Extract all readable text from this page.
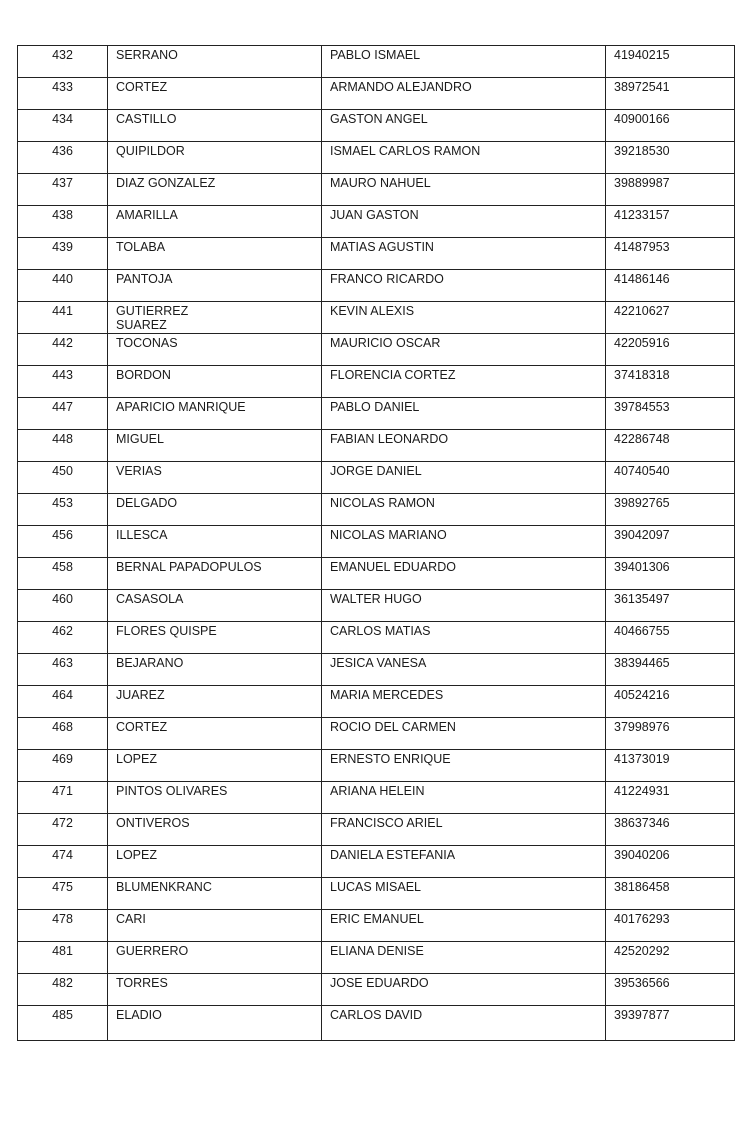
432	SERRANO	PABLO ISMAEL	41940215

433	CORTEZ	ARMANDO ALEJANDRO	38972541

434	CASTILLO	GASTON ANGEL	40900166

436	QUIPILDOR	ISMAEL CARLOS RAMON	39218530

437	DIAZ GONZALEZ	MAURO NAHUEL	39889987

438	AMARILLA	JUAN GASTON	41233157

439	TOLABA	MATIAS AGUSTIN	41487953

440	PANTOJA	FRANCO RICARDO	41486146

441	GUTIERREZ
SUAREZ	KEVIN ALEXIS	42210627

442	TOCONAS	MAURICIO OSCAR	42205916

443	BORDON	FLORENCIA CORTEZ	37418318

447	APARICIO MANRIQUE	PABLO DANIEL	39784553

448	MIGUEL	FABIAN LEONARDO	42286748

450	VERIAS	JORGE DANIEL	40740540

453	DELGADO	NICOLAS RAMON	39892765

456	ILLESCA	NICOLAS MARIANO	39042097

458	BERNAL PAPADOPULOS	EMANUEL EDUARDO	39401306

460	CASASOLA	WALTER HUGO	36135497

462	FLORES QUISPE	CARLOS MATIAS	40466755

463	BEJARANO	JESICA VANESA	38394465

464	JUAREZ	MARIA MERCEDES	40524216

468	CORTEZ	ROCIO DEL CARMEN	37998976

469	LOPEZ	ERNESTO ENRIQUE	41373019

471	PINTOS OLIVARES	ARIANA HELEIN	41224931

472	ONTIVEROS	FRANCISCO ARIEL	38637346

474	LOPEZ	DANIELA ESTEFANIA	39040206

475	BLUMENKRANC	LUCAS MISAEL	38186458

478	CARI	ERIC EMANUEL	40176293

481	GUERRERO	ELIANA DENISE	42520292

482	TORRES	JOSE EDUARDO	39536566

485	ELADIO	CARLOS DAVID	39397877
